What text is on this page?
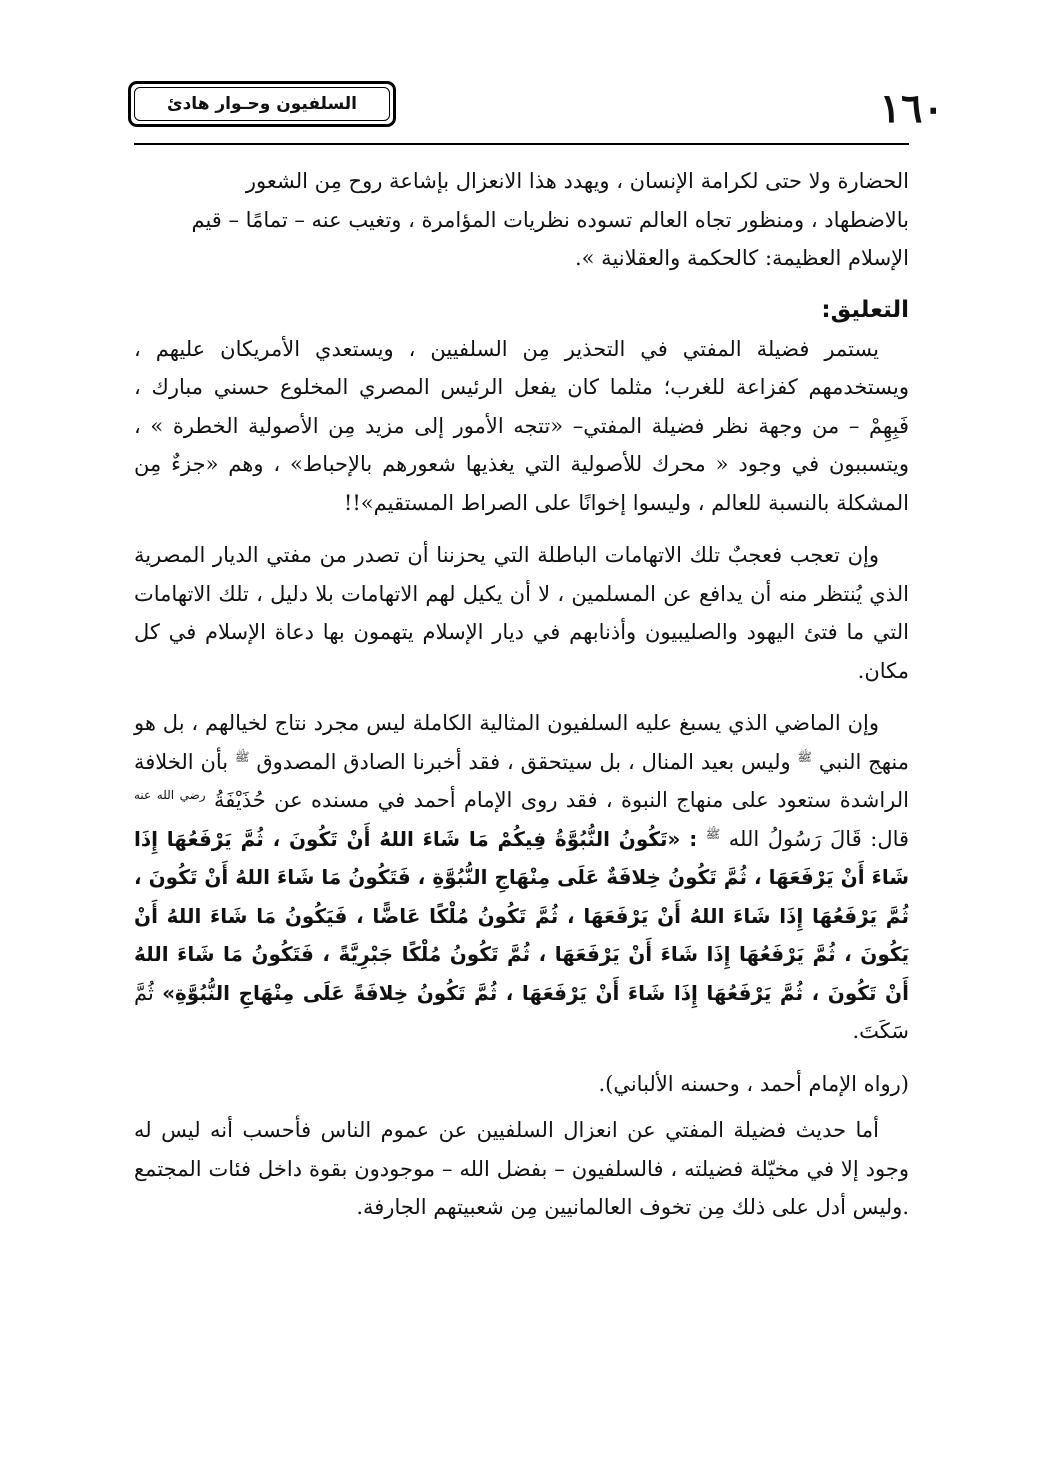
١٦٠
السلفيون وحـوار هادئ

الحضارة ولا حتى لكرامة الإنسان ، ويهدد هذا الانعزال بإشاعة روح مِن الشعور

بالاضطهاد ، ومنظور تجاه العالم تسوده نظريات المؤامرة ، وتغيب عنه – تمامًا – قيم

الإسلام العظيمة: كالحكمة والعقلانية ».

التعليق:

يستمر فضيلة المفتي في التحذير مِن السلفيين ، ويستعدي الأمريكان عليهم ، ويستخدمهم كفزاعة للغرب؛ مثلما كان يفعل الرئيس المصري المخلوع حسني مبارك ، فَبِهِمْ – من وجهة نظر فضيلة المفتي– «تتجه الأمور إلى مزيد مِن الأصولية الخطرة » ، ويتسببون في وجود « محرك للأصولية التي يغذيها شعورهم بالإحباط» ، وهم «جزءٌ مِن المشكلة بالنسبة للعالم ، وليسوا إخوانًا على الصراط المستقيم»!!

وإن تعجب فعجبٌ تلك الاتهامات الباطلة التي يحزننا أن تصدر من مفتي الديار المصرية الذي يُنتظر منه أن يدافع عن المسلمين ، لا أن يكيل لهم الاتهامات بلا دليل ، تلك الاتهامات التي ما فتئ اليهود والصليبيون وأذنابهم في ديار الإسلام يتهمون بها دعاة الإسلام في كل مكان.

وإن الماضي الذي يسبغ عليه السلفيون المثالية الكاملة ليس مجرد نتاج لخيالهم ، بل هو منهج النبي $^ﷺ$ وليس بعيد المنال ، بل سيتحقق ، فقد أخبرنا الصادق المصدوق $^ﷺ$ بأن الخلافة الراشدة ستعود على منهاج النبوة ، فقد روى الإمام أحمد في مسنده عن حُذَيْفَةُ $^{رضي الله عنه}$ قال: قَالَ رَسُولُ الله $^ﷺ$ : «تَكُونُ النُّبُوَّةُ فِيكُمْ مَا شَاءَ اللهُ أَنْ تَكُونَ ، ثُمَّ يَرْفَعُهَا إِذَا شَاءَ أَنْ يَرْفَعَهَا ، ثُمَّ تَكُونُ خِلافَةٌ عَلَى مِنْهَاجِ النُّبُوَّةِ ، فَتَكُونُ مَا شَاءَ اللهُ أَنْ تَكُونَ ، ثُمَّ يَرْفَعُهَا إِذَا شَاءَ اللهُ أَنْ يَرْفَعَهَا ، ثُمَّ تَكُونُ مُلْكًا عَاضًّا ، فَيَكُونُ مَا شَاءَ اللهُ أَنْ يَكُونَ ، ثُمَّ يَرْفَعُهَا إِذَا شَاءَ أَنْ يَرْفَعَهَا ، ثُمَّ تَكُونُ مُلْكًا جَبْرِيَّةً ، فَتَكُونُ مَا شَاءَ اللهُ أَنْ تَكُونَ ، ثُمَّ يَرْفَعُهَا إِذَا شَاءَ أَنْ يَرْفَعَهَا ، ثُمَّ تَكُونُ خِلافَةً عَلَى مِنْهَاجِ النُّبُوَّةِ» ثُمَّ سَكَتَ.

(رواه الإمام أحمد ، وحسنه الألباني).

أما حديث فضيلة المفتي عن انعزال السلفيين عن عموم الناس فأحسب أنه ليس له وجود إلا في مخيّلة فضيلته ، فالسلفيون – بفضل الله – موجودون بقوة داخل فئات المجتمع .وليس أدل على ذلك مِن تخوف العالمانيين مِن شعبيتهم الجارفة.
